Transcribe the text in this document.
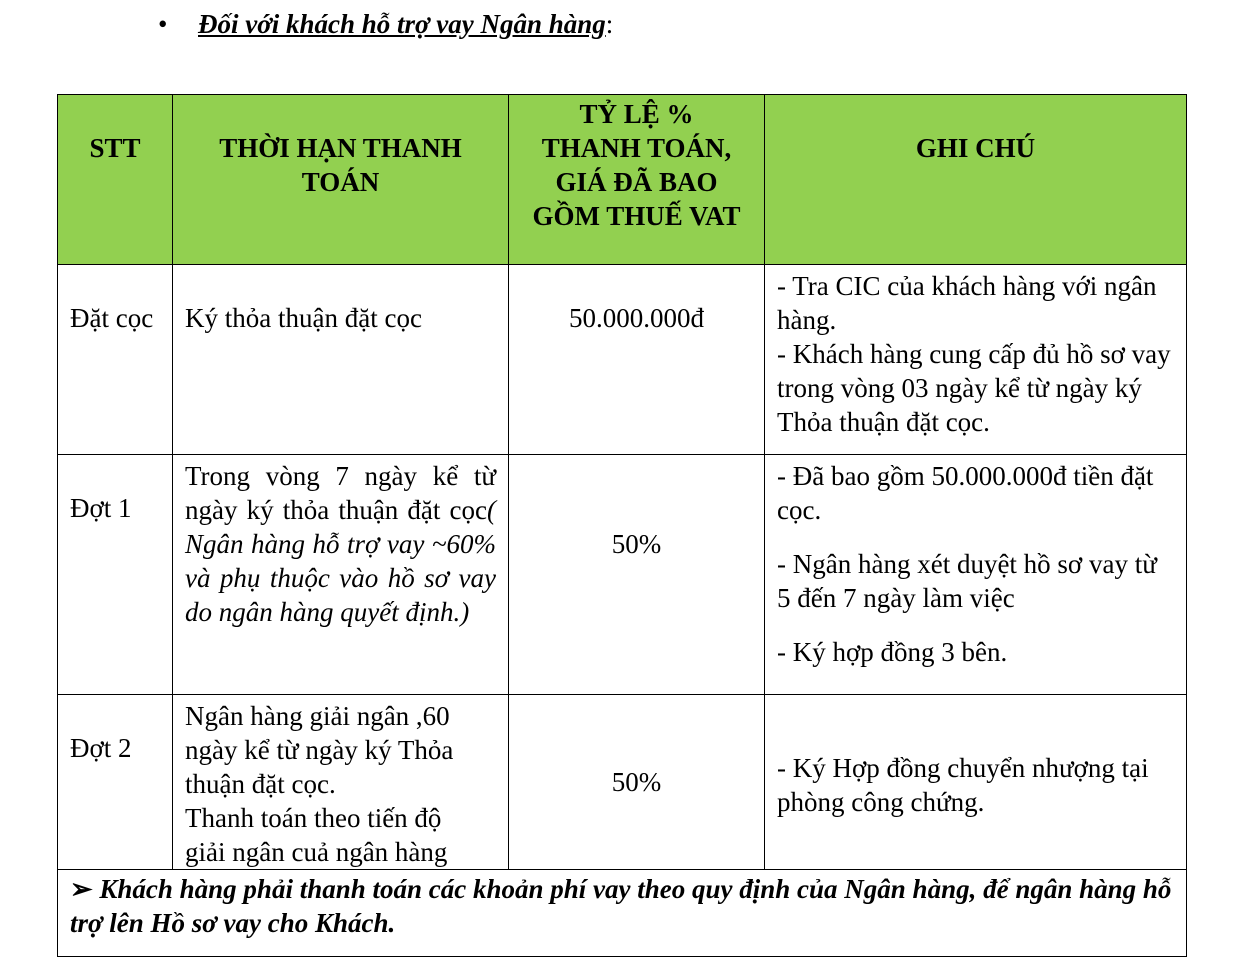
• Đối với khách hỗ trợ vay Ngân hàng:
STT	THỜI HẠN THANH TOÁN	TỶ LỆ % THANH TOÁN, GIÁ ĐÃ BAO GỒM THUẾ VAT	GHI CHÚ
Đặt cọc	Ký thỏa thuận đặt cọc	50.000.000đ	- Tra CIC của khách hàng với ngân hàng.

- Khách hàng cung cấp đủ hồ sơ vay trong vòng 03 ngày kể từ ngày ký Thỏa thuận đặt cọc.

Đợt 1	Trong vòng 7 ngày kể từ ngày ký thỏa thuận đặt cọc( Ngân hàng hỗ trợ vay ~60% và phụ thuộc vào hồ sơ vay do ngân hàng quyết định.)	50%	- Đã bao gồm 50.000.000đ tiền đặt cọc.

- Ngân hàng xét duyệt hồ sơ vay từ 5 đến 7 ngày làm việc

- Ký hợp đồng 3 bên.

Đợt 2	Ngân hàng giải ngân ,60 ngày kể từ ngày ký Thỏa thuận đặt cọc.
Thanh toán theo tiến độ giải ngân cuả ngân hàng	50%	- Ký Hợp đồng chuyển nhượng tại phòng công chứng.

➢ Khách hàng phải thanh toán các khoản phí vay theo quy định của Ngân hàng, để ngân hàng hỗ trợ lên Hồ sơ vay cho Khách.			
